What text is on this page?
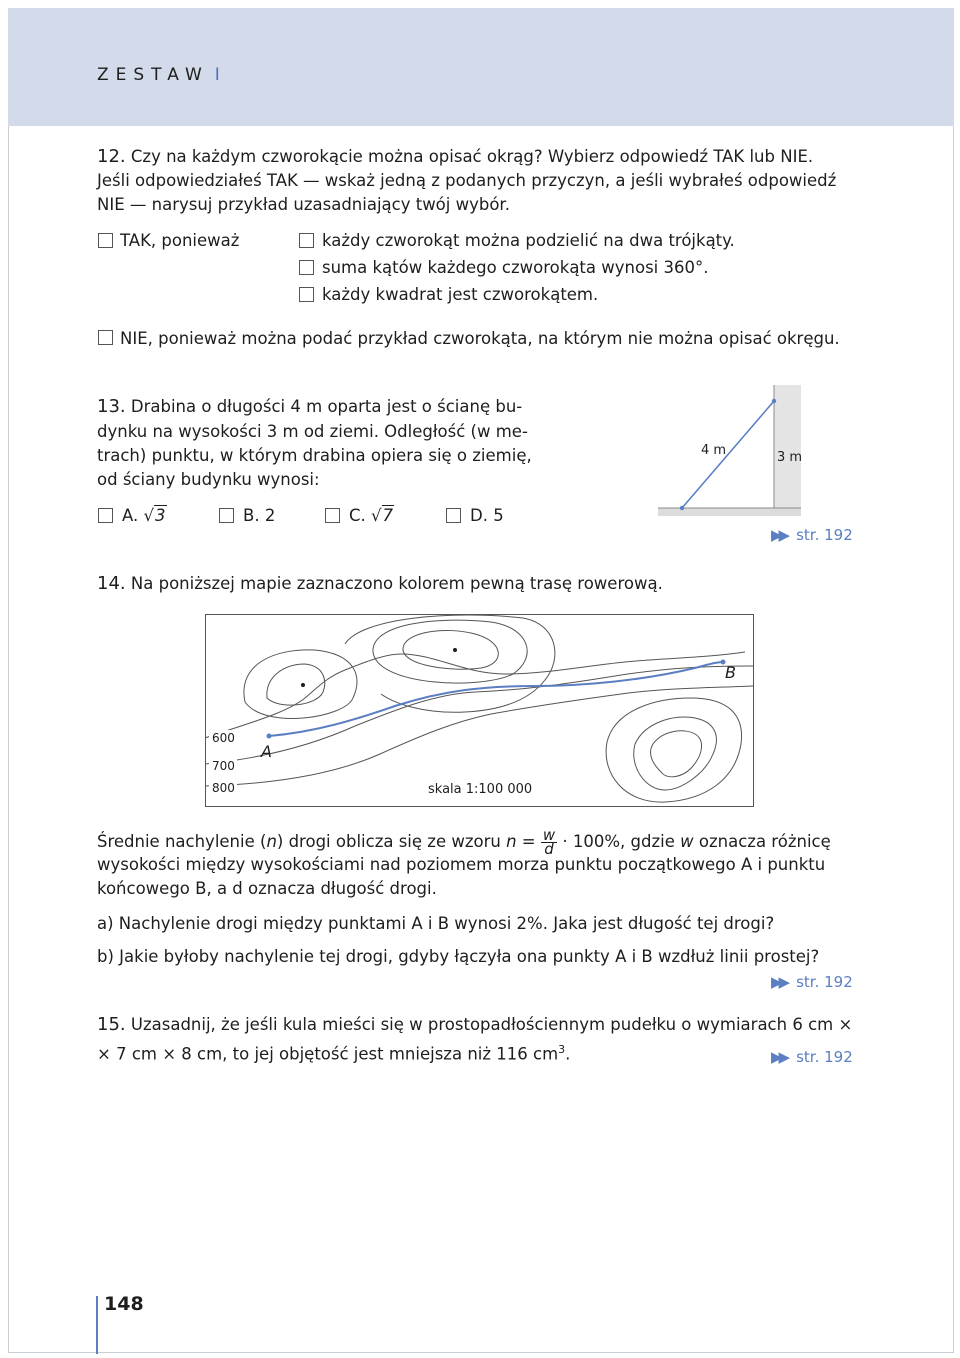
ZESTAW I
12. Czy na każdym czworokącie można opisać okrąg? Wybierz odpowiedź TAK lub NIE.
Jeśli odpowiedziałeś TAK — wskaż jedną z podanych przyczyn, a jeśli wybrałeś odpowiedź
NIE — narysuj przykład uzasadniający twój wybór.
TAK, ponieważ	każdy czworokąt można podzielić na dwa trójkąty.
suma kątów każdego czworokąta wynosi 360°.
każdy kwadrat jest czworokątem.
NIE, ponieważ można podać przykład czworokąta, na którym nie można opisać okręgu.
13. Drabina o długości 4 m oparta jest o ścianę bu-
dynku na wysokości 3 m od ziemi. Odległość (w me-
trach) punktu, w którym drabina opiera się o ziemię,
od ściany budynku wynosi:
A. √3	B. 2	C. √7	D. 5
4 m	3 m
▶▶ str. 192
14. Na poniższej mapie zaznaczono kolorem pewną trasę rowerową.
A
B
600
700
800	skala 1:100 000
Średnie nachylenie (n) drogi oblicza się ze wzoru $n = \frac{w}{d} \cdot 100\%$, gdzie w oznacza różnicę
wysokości między wysokościami nad poziomem morza punktu początkowego A i punktu
końcowego B, a d oznacza długość drogi.
a) Nachylenie drogi między punktami A i B wynosi 2%. Jaka jest długość tej drogi?
b) Jakie byłoby nachylenie tej drogi, gdyby łączyła ona punkty A i B wzdłuż linii prostej?
▶▶ str. 192
15. Uzasadnij, że jeśli kula mieści się w prostopadłościennym pudełku o wymiarach 6 cm ×
× 7 cm × 8 cm, to jej objętość jest mniejsza niż 116 $cm^3$.	▶▶ str. 192
148
